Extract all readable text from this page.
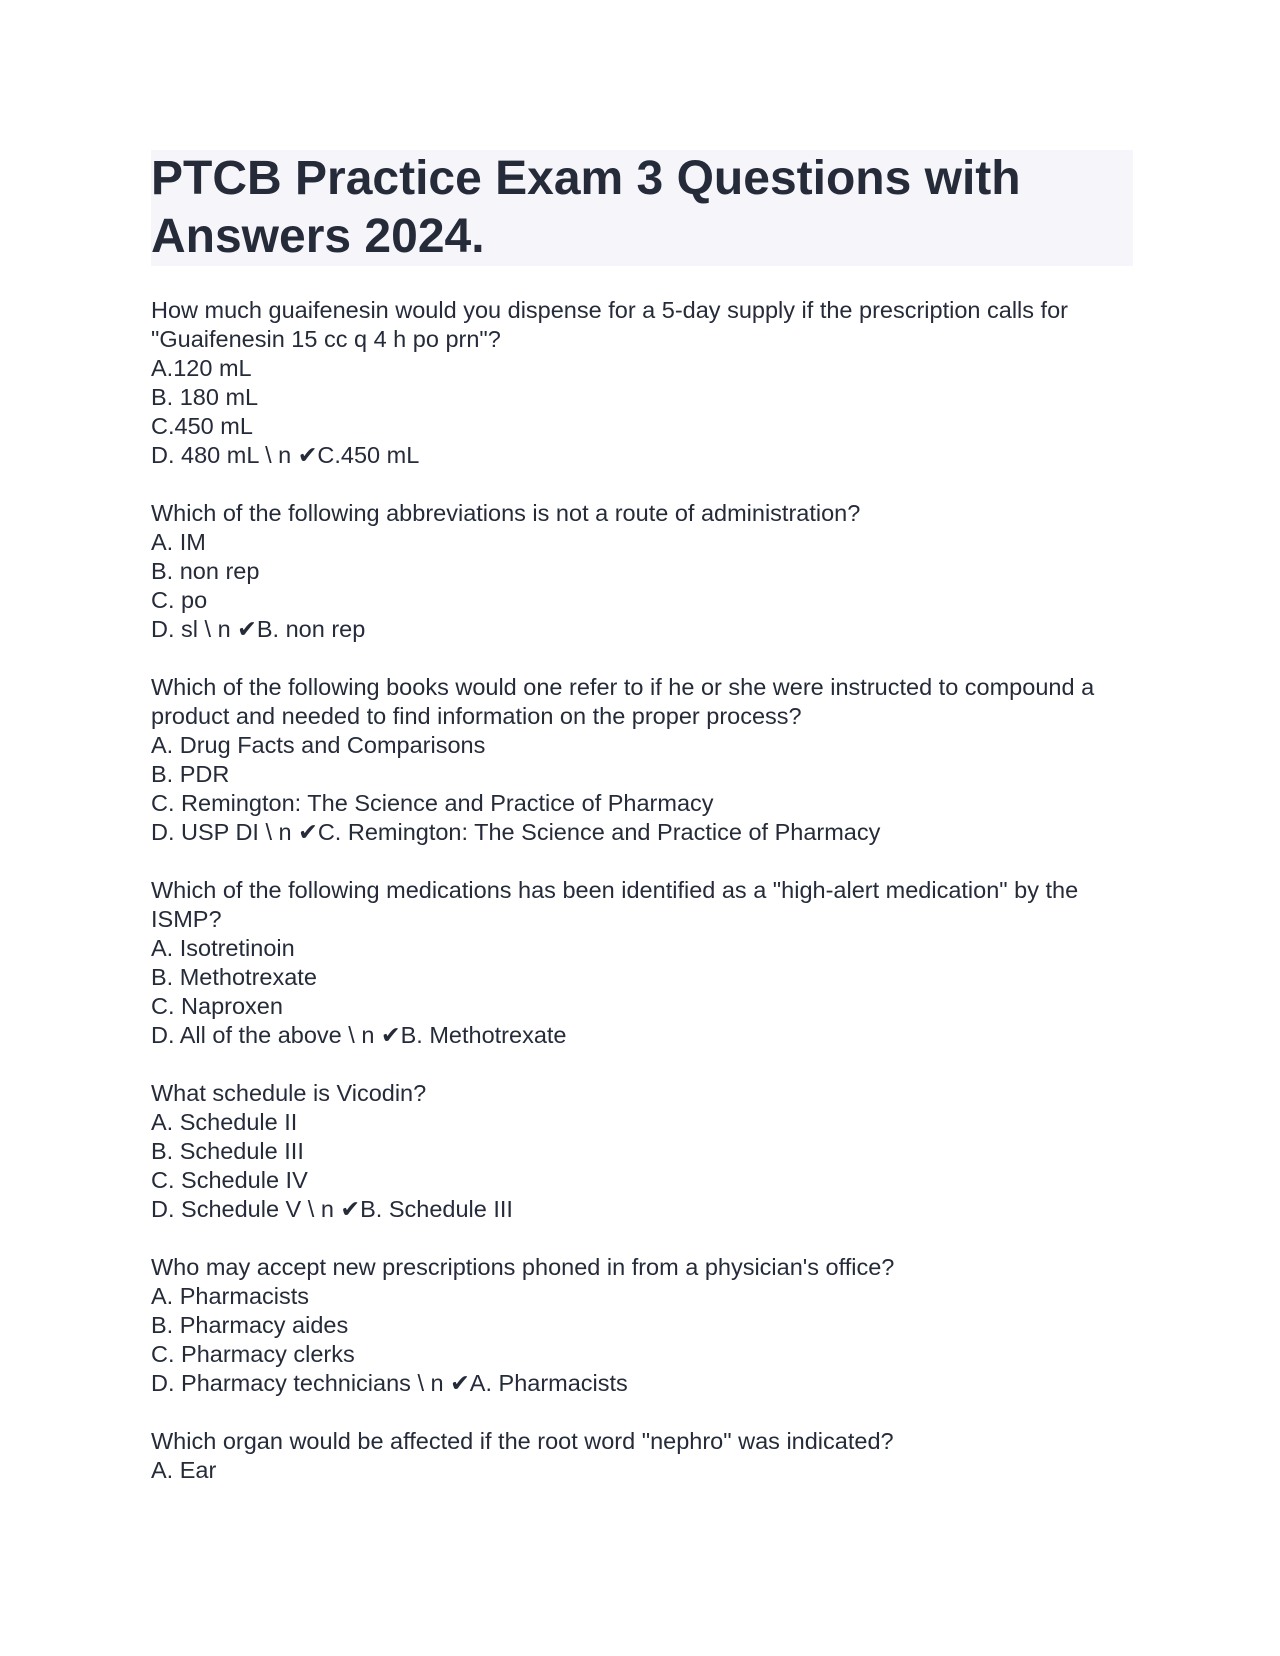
PTCB Practice Exam 3 Questions with Answers 2024.
How much guaifenesin would you dispense for a 5-day supply if the prescription calls for "Guaifenesin 15 cc q 4 h po prn"?
A.120 mL
B. 180 mL
C.450 mL
D. 480 mL \ n ✔C.450 mL
Which of the following abbreviations is not a route of administration?
A. IM
B. non rep
C. po
D. sl \ n ✔B. non rep
Which of the following books would one refer to if he or she were instructed to compound a product and needed to find information on the proper process?
A. Drug Facts and Comparisons
B. PDR
C. Remington: The Science and Practice of Pharmacy
D. USP DI \ n ✔C. Remington: The Science and Practice of Pharmacy
Which of the following medications has been identified as a "high-alert medication" by the ISMP?
A. Isotretinoin
B. Methotrexate
C. Naproxen
D. All of the above \ n ✔B. Methotrexate
What schedule is Vicodin?
A. Schedule II
B. Schedule III
C. Schedule IV
D. Schedule V \ n ✔B. Schedule III
Who may accept new prescriptions phoned in from a physician's office?
A. Pharmacists
B. Pharmacy aides
C. Pharmacy clerks
D. Pharmacy technicians \ n ✔A. Pharmacists
Which organ would be affected if the root word "nephro" was indicated?
A. Ear
